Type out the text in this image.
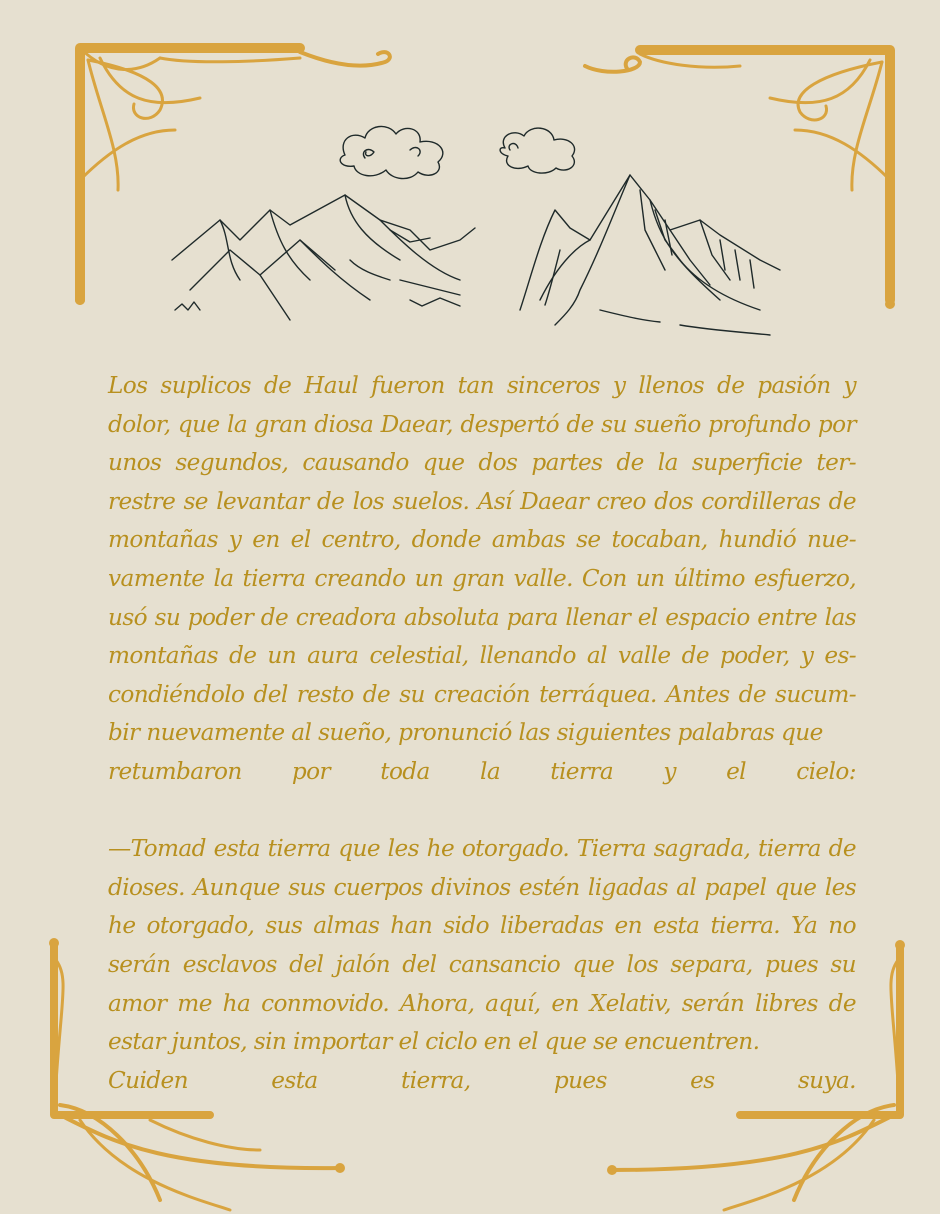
Los suplicos de Haul fueron tan sinceros y llenos de pasión y dolor, que la gran diosa Daear, despertó de su sueño profundo por unos segundos, causando que dos partes de la superficie ter-restre se levantar de los suelos. Así Daear creo dos cordilleras de montañas y en el centro, donde ambas se tocaban, hundió nue-vamente la tierra creando un gran valle. Con un último esfuerzo, usó su poder de creadora absoluta para llenar el espacio entre las montañas de un aura celestial, llenando al valle de poder, y es-condiéndolo del resto de su creación terráquea. Antes de sucum-bir nuevamente al sueño, pronunció las siguientes palabras que

retumbaron por toda la tierra y el cielo:

—Tomad esta tierra que les he otorgado. Tierra sagrada, tierra de dioses. Aunque sus cuerpos divinos estén ligadas al papel que les he otorgado, sus almas han sido liberadas en esta tierra. Ya no serán esclavos del jalón del cansancio que los separa, pues su amor me ha conmovido. Ahora, aquí, en Xelativ, serán libres de estar juntos, sin importar el ciclo en el que se encuentren.

Cuiden	esta	tierra,	pues	es	suya.
